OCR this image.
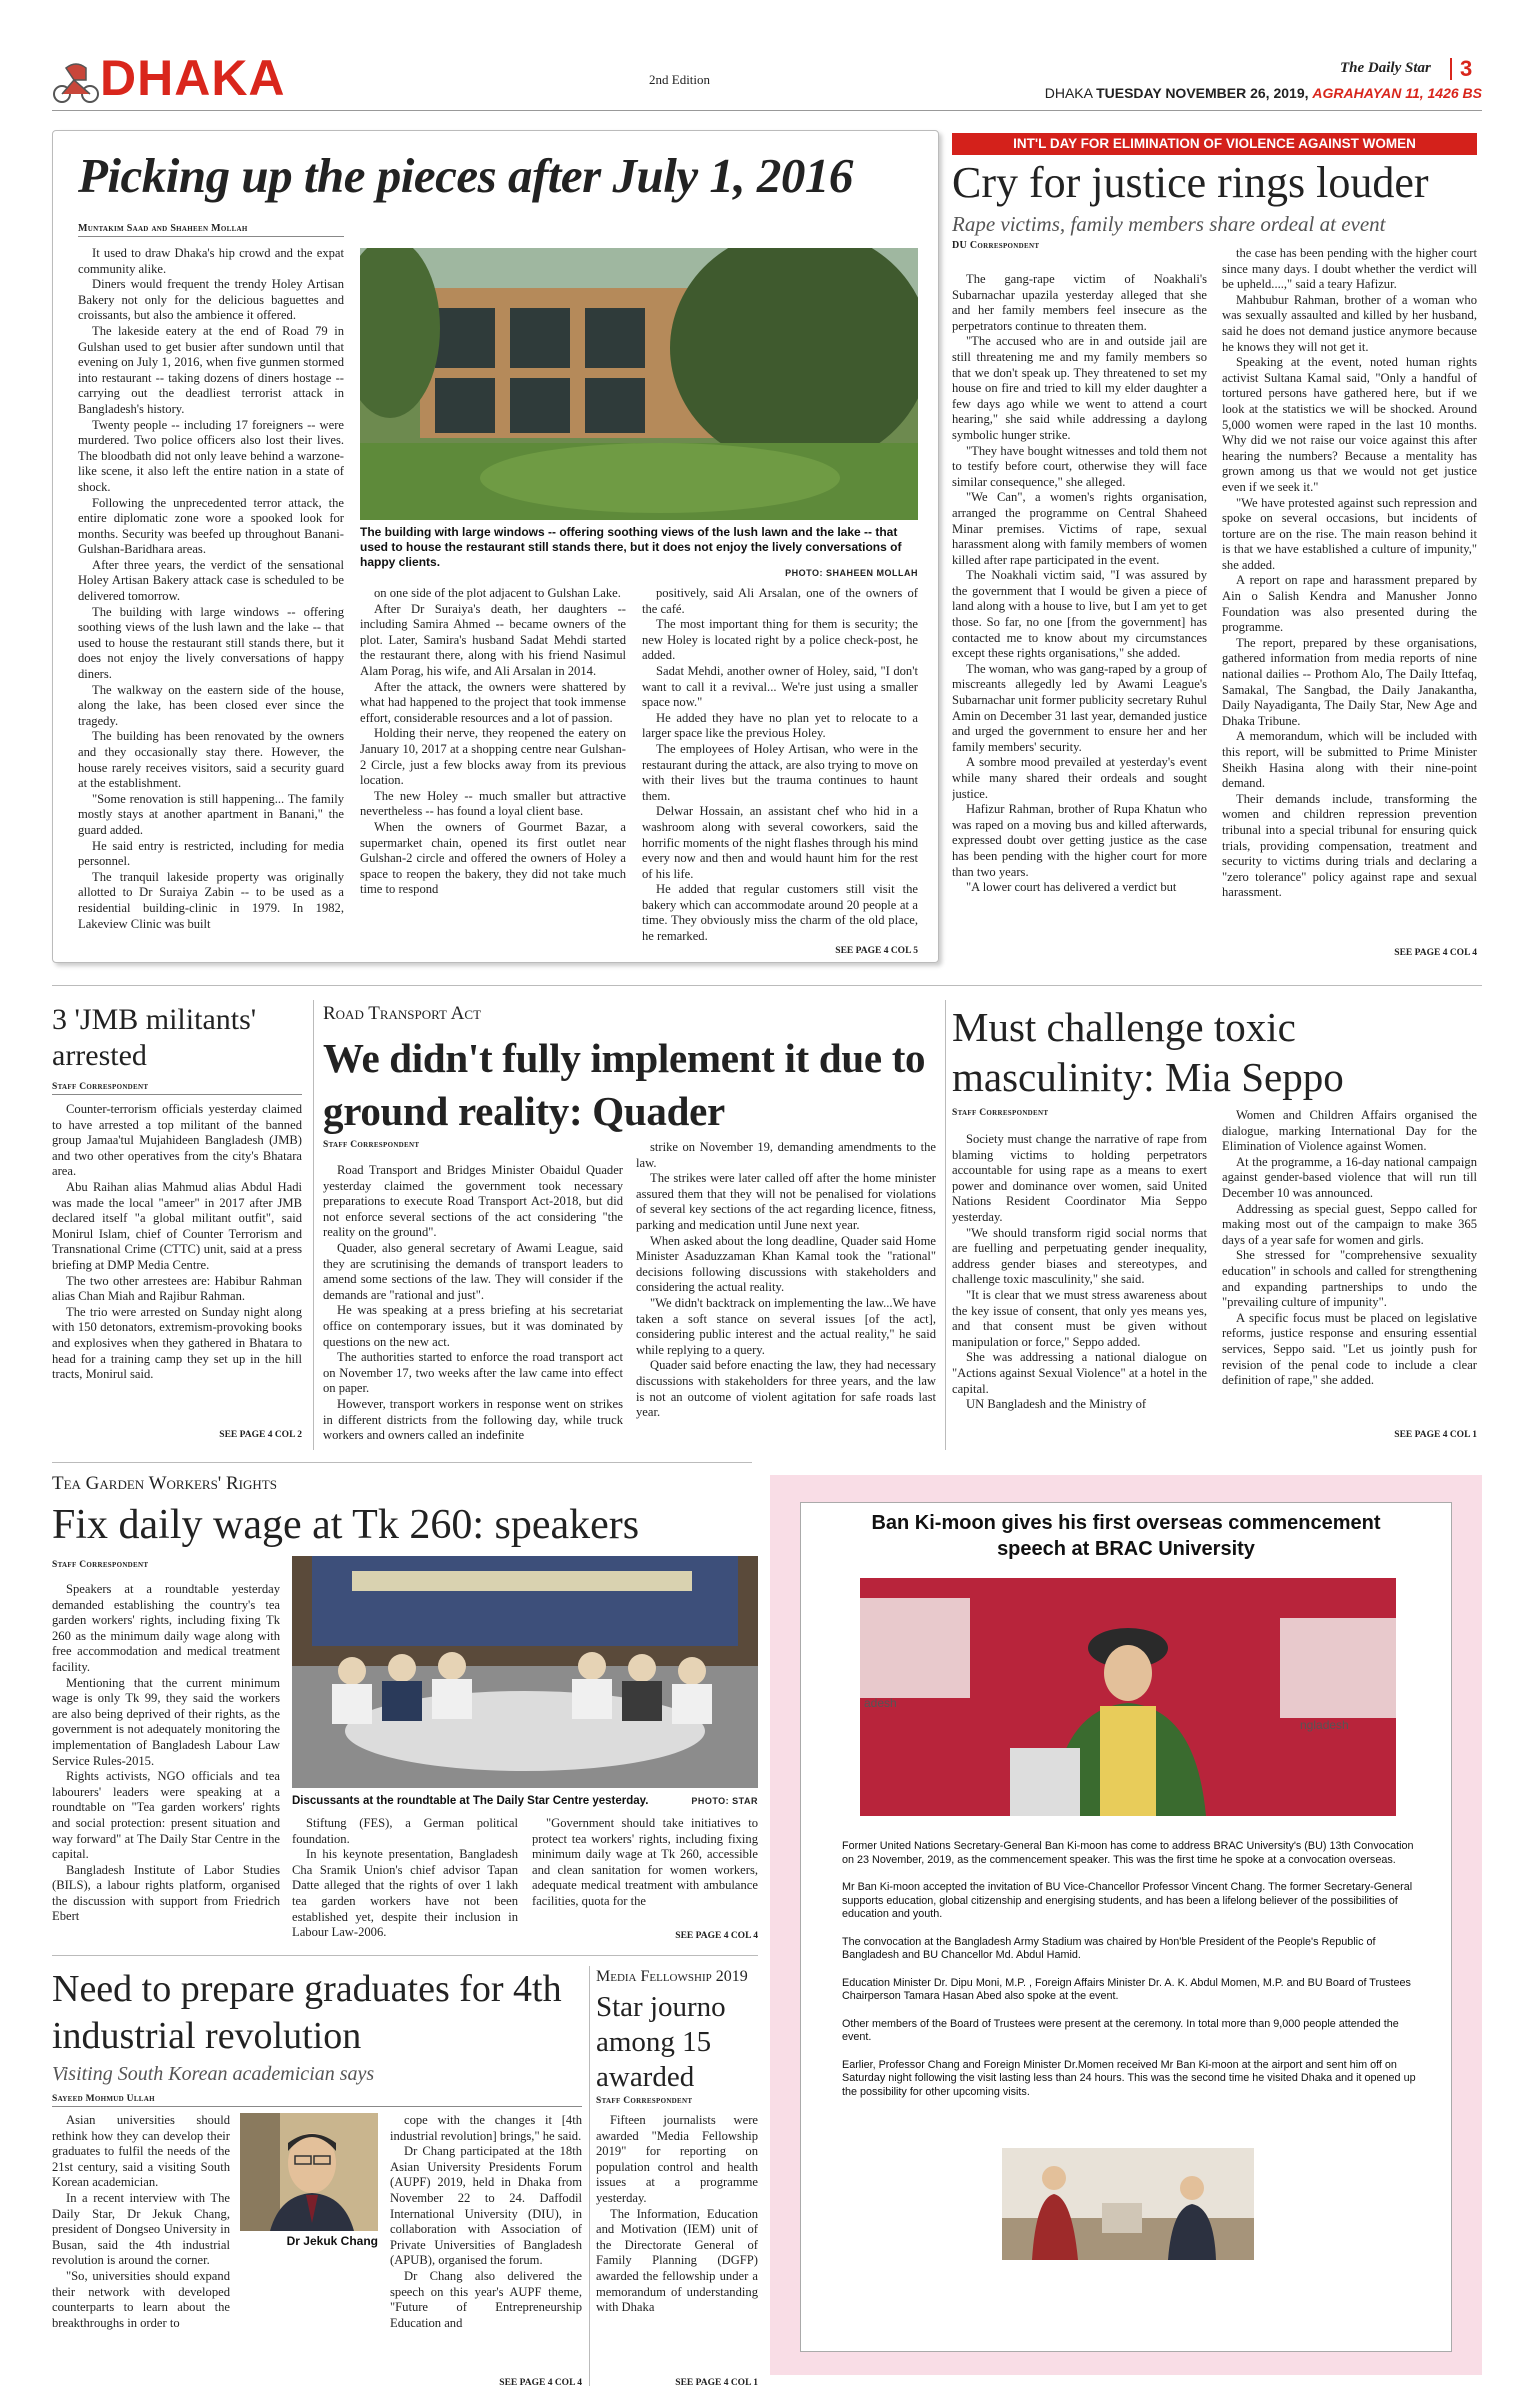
DHAKA	2nd Edition
The Daily Star 3
DHAKA TUESDAY NOVEMBER 26, 2019, AGRAHAYAN 11, 1426 BS
Picking up the pieces after July 1, 2016
Muntakim Saad and Shaheen Mollah

It used to draw Dhaka's hip crowd and the expat community alike.

Diners would frequent the trendy Holey Artisan Bakery not only for the delicious baguettes and croissants, but also the ambience it offered.

The lakeside eatery at the end of Road 79 in Gulshan used to get busier after sundown until that evening on July 1, 2016, when five gunmen stormed into restaurant -- taking dozens of diners hostage -- carrying out the deadliest terrorist attack in Bangladesh's history.

Twenty people -- including 17 foreigners -- were murdered. Two police officers also lost their lives. The bloodbath did not only leave behind a warzone-like scene, it also left the entire nation in a state of shock.

Following the unprecedented terror attack, the entire diplomatic zone wore a spooked look for months. Security was beefed up throughout Banani-Gulshan-Baridhara areas.

After three years, the verdict of the sensational Holey Artisan Bakery attack case is scheduled to be delivered tomorrow.

The building with large windows -- offering soothing views of the lush lawn and the lake -- that used to house the restaurant still stands there, but it does not enjoy the lively conversations of happy diners.

The walkway on the eastern side of the house, along the lake, has been closed ever since the tragedy.

The building has been renovated by the owners and they occasionally stay there. However, the house rarely receives visitors, said a security guard at the establishment.

"Some renovation is still happening... The family mostly stays at another apartment in Banani," the guard added.

He said entry is restricted, including for media personnel.

The tranquil lakeside property was originally allotted to Dr Suraiya Zabin -- to be used as a residential building-clinic in 1979. In 1982, Lakeview Clinic was built

The building with large windows -- offering soothing views of the lush lawn and the lake -- that used to house the restaurant still stands there, but it does not enjoy the lively conversations of happy clients.
PHOTO: SHAHEEN MOLLAH

on one side of the plot adjacent to Gulshan Lake.

After Dr Suraiya's death, her daughters -- including Samira Ahmed -- became owners of the plot. Later, Samira's husband Sadat Mehdi started the restaurant there, along with his friend Nasimul Alam Porag, his wife, and Ali Arsalan in 2014.

After the attack, the owners were shattered by what had happened to the project that took immense effort, considerable resources and a lot of passion.

Holding their nerve, they reopened the eatery on January 10, 2017 at a shopping centre near Gulshan-2 Circle, just a few blocks away from its previous location.

The new Holey -- much smaller but attractive nevertheless -- has found a loyal client base.

When the owners of Gourmet Bazar, a supermarket chain, opened its first outlet near Gulshan-2 circle and offered the owners of Holey a space to reopen the bakery, they did not take much time to respond

positively, said Ali Arsalan, one of the owners of the café.

The most important thing for them is security; the new Holey is located right by a police check-post, he added.

Sadat Mehdi, another owner of Holey, said, "I don't want to call it a revival... We're just using a smaller space now."

He added they have no plan yet to relocate to a larger space like the previous Holey.

The employees of Holey Artisan, who were in the restaurant during the attack, are also trying to move on with their lives but the trauma continues to haunt them.

Delwar Hossain, an assistant chef who hid in a washroom along with several coworkers, said the horrific moments of the night flashes through his mind every now and then and would haunt him for the rest of his life.

He added that regular customers still visit the bakery which can accommodate around 20 people at a time. They obviously miss the charm of the old place, he remarked.

SEE PAGE 4 COL 5
INT'L DAY FOR ELIMINATION OF VIOLENCE AGAINST WOMEN
Cry for justice rings louder
Rape victims, family members share ordeal at event
DU Correspondent

The gang-rape victim of Noakhali's Subarnachar upazila yesterday alleged that she and her family members feel insecure as the perpetrators continue to threaten them.

"The accused who are in and outside jail are still threatening me and my family members so that we don't speak up. They threatened to set my house on fire and tried to kill my elder daughter a few days ago while we went to attend a court hearing," she said while addressing a daylong symbolic hunger strike.

"They have bought witnesses and told them not to testify before court, otherwise they will face similar consequence," she alleged.

"We Can", a women's rights organisation, arranged the programme on Central Shaheed Minar premises. Victims of rape, sexual harassment along with family members of women killed after rape participated in the event.

The Noakhali victim said, "I was assured by the government that I would be given a piece of land along with a house to live, but I am yet to get those. So far, no one [from the government] has contacted me to know about my circumstances except these rights organisations," she added.

The woman, who was gang-raped by a group of miscreants allegedly led by Awami League's Subarnachar unit former publicity secretary Ruhul Amin on December 31 last year, demanded justice and urged the government to ensure her and her family members' security.

A sombre mood prevailed at yesterday's event while many shared their ordeals and sought justice.

Hafizur Rahman, brother of Rupa Khatun who was raped on a moving bus and killed afterwards, expressed doubt over getting justice as the case has been pending with the higher court for more than two years.

"A lower court has delivered a verdict but

the case has been pending with the higher court since many days. I doubt whether the verdict will be upheld....," said a teary Hafizur.

Mahbubur Rahman, brother of a woman who was sexually assaulted and killed by her husband, said he does not demand justice anymore because he knows they will not get it.

Speaking at the event, noted human rights activist Sultana Kamal said, "Only a handful of tortured persons have gathered here, but if we look at the statistics we will be shocked. Around 5,000 women were raped in the last 10 months. Why did we not raise our voice against this after hearing the numbers? Because a mentality has grown among us that we would not get justice even if we seek it."

"We have protested against such repression and spoke on several occasions, but incidents of torture are on the rise. The main reason behind it is that we have established a culture of impunity," she added.

A report on rape and harassment prepared by Ain o Salish Kendra and Manusher Jonno Foundation was also presented during the programme.

The report, prepared by these organisations, gathered information from media reports of nine national dailies -- Prothom Alo, The Daily Ittefaq, Samakal, The Sangbad, the Daily Janakantha, Daily Nayadiganta, The Daily Star, New Age and Dhaka Tribune.

A memorandum, which will be included with this report, will be submitted to Prime Minister Sheikh Hasina along with their nine-point demand.

Their demands include, transforming the women and children repression prevention tribunal into a special tribunal for ensuring quick trials, providing compensation, treatment and security to victims during trials and declaring a "zero tolerance" policy against rape and sexual harassment.

SEE PAGE 4 COL 4
3 'JMB militants' arrested
Staff Correspondent

Counter-terrorism officials yesterday claimed to have arrested a top militant of the banned group Jamaa'tul Mujahideen Bangladesh (JMB) and two other operatives from the city's Bhatara area.

Abu Raihan alias Mahmud alias Abdul Hadi was made the local "ameer" in 2017 after JMB declared itself "a global militant outfit", said Monirul Islam, chief of Counter Terrorism and Transnational Crime (CTTC) unit, said at a press briefing at DMP Media Centre.

The two other arrestees are: Habibur Rahman alias Chan Miah and Rajibur Rahman.

The trio were arrested on Sunday night along with 150 detonators, extremism-provoking books and explosives when they gathered in Bhatara to head for a training camp they set up in the hill tracts, Monirul said.

SEE PAGE 4 COL 2
Road Transport Act
We didn't fully implement it due to ground reality: Quader
Staff Correspondent

Road Transport and Bridges Minister Obaidul Quader yesterday claimed the government took necessary preparations to execute Road Transport Act-2018, but did not enforce several sections of the act considering "the reality on the ground".

Quader, also general secretary of Awami League, said they are scrutinising the demands of transport leaders to amend some sections of the law. They will consider if the demands are "rational and just".

He was speaking at a press briefing at his secretariat office on contemporary issues, but it was dominated by questions on the new act.

The authorities started to enforce the road transport act on November 17, two weeks after the law came into effect on paper.

However, transport workers in response went on strikes in different districts from the following day, while truck workers and owners called an indefinite

strike on November 19, demanding amendments to the law.

The strikes were later called off after the home minister assured them that they will not be penalised for violations of several key sections of the act regarding licence, fitness, parking and medication until June next year.

When asked about the long deadline, Quader said Home Minister Asaduzzaman Khan Kamal took the "rational" decisions following discussions with stakeholders and considering the actual reality.

"We didn't backtrack on implementing the law...We have taken a soft stance on several issues [of the act], considering public interest and the actual reality," he said while replying to a query.

Quader said before enacting the law, they had necessary discussions with stakeholders for three years, and the law is not an outcome of violent agitation for safe roads last year.

Must challenge toxic masculinity: Mia Seppo
Staff Correspondent

Society must change the narrative of rape from blaming victims to holding perpetrators accountable for using rape as a means to exert power and dominance over women, said United Nations Resident Coordinator Mia Seppo yesterday.

"We should transform rigid social norms that are fuelling and perpetuating gender inequality, address gender biases and stereotypes, and challenge toxic masculinity," she said.

"It is clear that we must stress awareness about the key issue of consent, that only yes means yes, and that consent must be given without manipulation or force," Seppo added.

She was addressing a national dialogue on "Actions against Sexual Violence" at a hotel in the capital.

UN Bangladesh and the Ministry of

Women and Children Affairs organised the dialogue, marking International Day for the Elimination of Violence against Women.

At the programme, a 16-day national campaign against gender-based violence that will run till December 10 was announced.

Addressing as special guest, Seppo called for making most out of the campaign to make 365 days of a year safe for women and girls.

She stressed for "comprehensive sexuality education" in schools and called for strengthening and expanding partnerships to undo the "prevailing culture of impunity".

A specific focus must be placed on legislative reforms, justice response and ensuring essential services, Seppo said. "Let us jointly push for revision of the penal code to include a clear definition of rape," she added.

SEE PAGE 4 COL 1
Tea Garden Workers' Rights
Fix daily wage at Tk 260: speakers
Staff Correspondent

Speakers at a roundtable yesterday demanded establishing the country's tea garden workers' rights, including fixing Tk 260 as the minimum daily wage along with free accommodation and medical treatment facility.

Mentioning that the current minimum wage is only Tk 99, they said the workers are also being deprived of their rights, as the government is not adequately monitoring the implementation of Bangladesh Labour Law Service Rules-2015.

Rights activists, NGO officials and tea labourers' leaders were speaking at a roundtable on "Tea garden workers' rights and social protection: present situation and way forward" at The Daily Star Centre in the capital.

Bangladesh Institute of Labor Studies (BILS), a labour rights platform, organised the discussion with support from Friedrich Ebert

Discussants at the roundtable at The Daily Star Centre yesterday.	PHOTO: STAR

Stiftung (FES), a German political foundation.

In his keynote presentation, Bangladesh Cha Sramik Union's chief advisor Tapan Datte alleged that the rights of over 1 lakh tea garden workers have not been established yet, despite their inclusion in Labour Law-2006.

"Government should take initiatives to protect tea workers' rights, including fixing minimum daily wage at Tk 260, accessible and clean sanitation for women workers, adequate medical treatment with ambulance facilities, quota for the

SEE PAGE 4 COL 4
Need to prepare graduates for 4th industrial revolution
Visiting South Korean academician says
Sayeed Mohmud Ullah
Dr Jekuk Chang

Asian universities should rethink how they can develop their graduates to fulfil the needs of the 21st century, said a visiting South Korean academician.

In a recent interview with The Daily Star, Dr Jekuk Chang, president of Dongseo University in Busan, said the 4th industrial revolution is around the corner.

"So, universities should expand their network with developed counterparts to learn about the breakthroughs in order to

cope with the changes it [4th industrial revolution] brings," he said.

Dr Chang participated at the 18th Asian University Presidents Forum (AUPF) 2019, held in Dhaka from November 22 to 24. Daffodil International University (DIU), in collaboration with Association of Private Universities of Bangladesh (APUB), organised the forum.

Dr Chang also delivered the speech on this year's AUPF theme, "Future of Entrepreneurship Education and

SEE PAGE 4 COL 4
Media Fellowship 2019
Star journo among 15 awarded
Staff Correspondent

Fifteen journalists were awarded "Media Fellowship 2019" for reporting on population control and health issues at a programme yesterday.

The Information, Education and Motivation (IEM) unit of the Directorate General of Family Planning (DGFP) awarded the fellowship under a memorandum of understanding with Dhaka

SEE PAGE 4 COL 1
Ban Ki-moon gives his first overseas commencement speech at BRAC University
adesh
ngladesh

Former United Nations Secretary-General Ban Ki-moon has come to address BRAC University's (BU) 13th Convocation on 23 November, 2019, as the commencement speaker. This was the first time he spoke at a convocation overseas.

Mr Ban Ki-moon accepted the invitation of BU Vice-Chancellor Professor Vincent Chang. The former Secretary-General supports education, global citizenship and energising students, and has been a lifelong believer of the possibilities of education and youth.

The convocation at the Bangladesh Army Stadium was chaired by Hon'ble President of the People's Republic of Bangladesh and BU Chancellor Md. Abdul Hamid.

Education Minister Dr. Dipu Moni, M.P. , Foreign Affairs Minister Dr. A. K. Abdul Momen, M.P. and BU Board of Trustees Chairperson Tamara Hasan Abed also spoke at the event.

Other members of the Board of Trustees were present at the ceremony. In total more than 9,000 people attended the event.

Earlier, Professor Chang and Foreign Minister Dr.Momen received Mr Ban Ki-moon at the airport and sent him off on Saturday night following the visit lasting less than 24 hours. This was the second time he visited Dhaka and it opened up the possibility for other upcoming visits.
